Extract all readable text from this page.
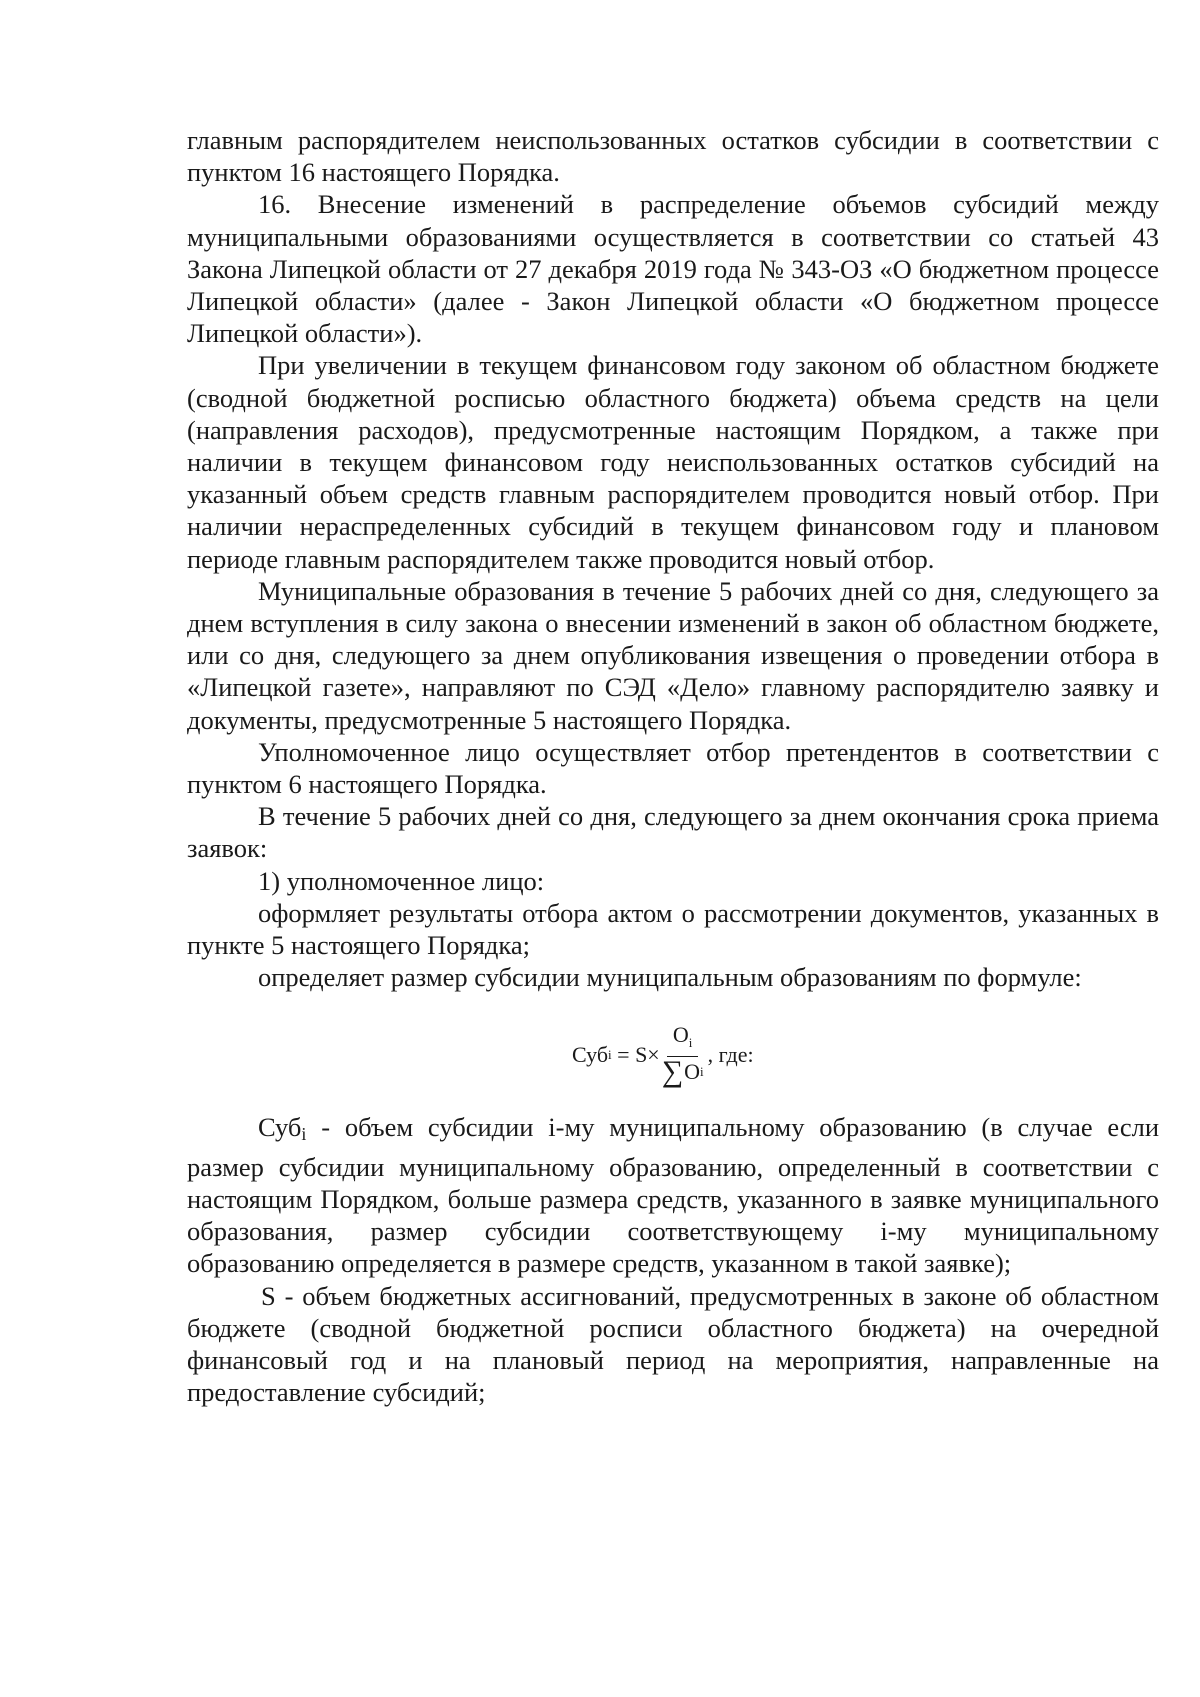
главным распорядителем неиспользованных остатков субсидии в соответствии с пунктом 16 настоящего Порядка.

16. Внесение изменений в распределение объемов субсидий между муниципальными образованиями осуществляется в соответствии со статьей 43 Закона Липецкой области от 27 декабря 2019 года № 343-ОЗ «О бюджетном процессе Липецкой области» (далее - Закон Липецкой области «О бюджетном процессе Липецкой области»).

При увеличении в текущем финансовом году законом об областном бюджете (сводной бюджетной росписью областного бюджета) объема средств на цели (направления расходов), предусмотренные настоящим Порядком, а также при наличии в текущем финансовом году неиспользованных остатков субсидий на указанный объем средств главным распорядителем проводится новый отбор. При наличии нераспределенных субсидий в текущем финансовом году и плановом периоде главным распорядителем также проводится новый отбор.

Муниципальные образования в течение 5 рабочих дней со дня, следующего за днем вступления в силу закона о внесении изменений в закон об областном бюджете, или со дня, следующего за днем опубликования извещения о проведении отбора в «Липецкой газете», направляют по СЭД «Дело» главному распорядителю заявку и документы, предусмотренные 5 настоящего Порядка.

Уполномоченное лицо осуществляет отбор претендентов в соответствии с пунктом 6 настоящего Порядка.

В течение 5 рабочих дней со дня, следующего за днем окончания срока приема заявок:

1) уполномоченное лицо:

оформляет результаты отбора актом о рассмотрении документов, указанных в пункте 5 настоящего Порядка;

определяет размер субсидии муниципальным образованиям по формуле:

Суб $i = S\times \frac{O_i}{\text{∑ O i}}$ , где:

Субi - объем субсидии i-му муниципальному образованию (в случае если размер субсидии муниципальному образованию, определенный в соответствии с настоящим Порядком, больше размера средств, указанного в заявке муниципального образования, размер субсидии соответствующему i-му муниципальному образованию определяется в размере средств, указанном в такой заявке);

S - объем бюджетных ассигнований, предусмотренных в законе об областном бюджете (сводной бюджетной росписи областного бюджета) на очередной финансовый год и на плановый период на мероприятия, направленные на предоставление субсидий;
